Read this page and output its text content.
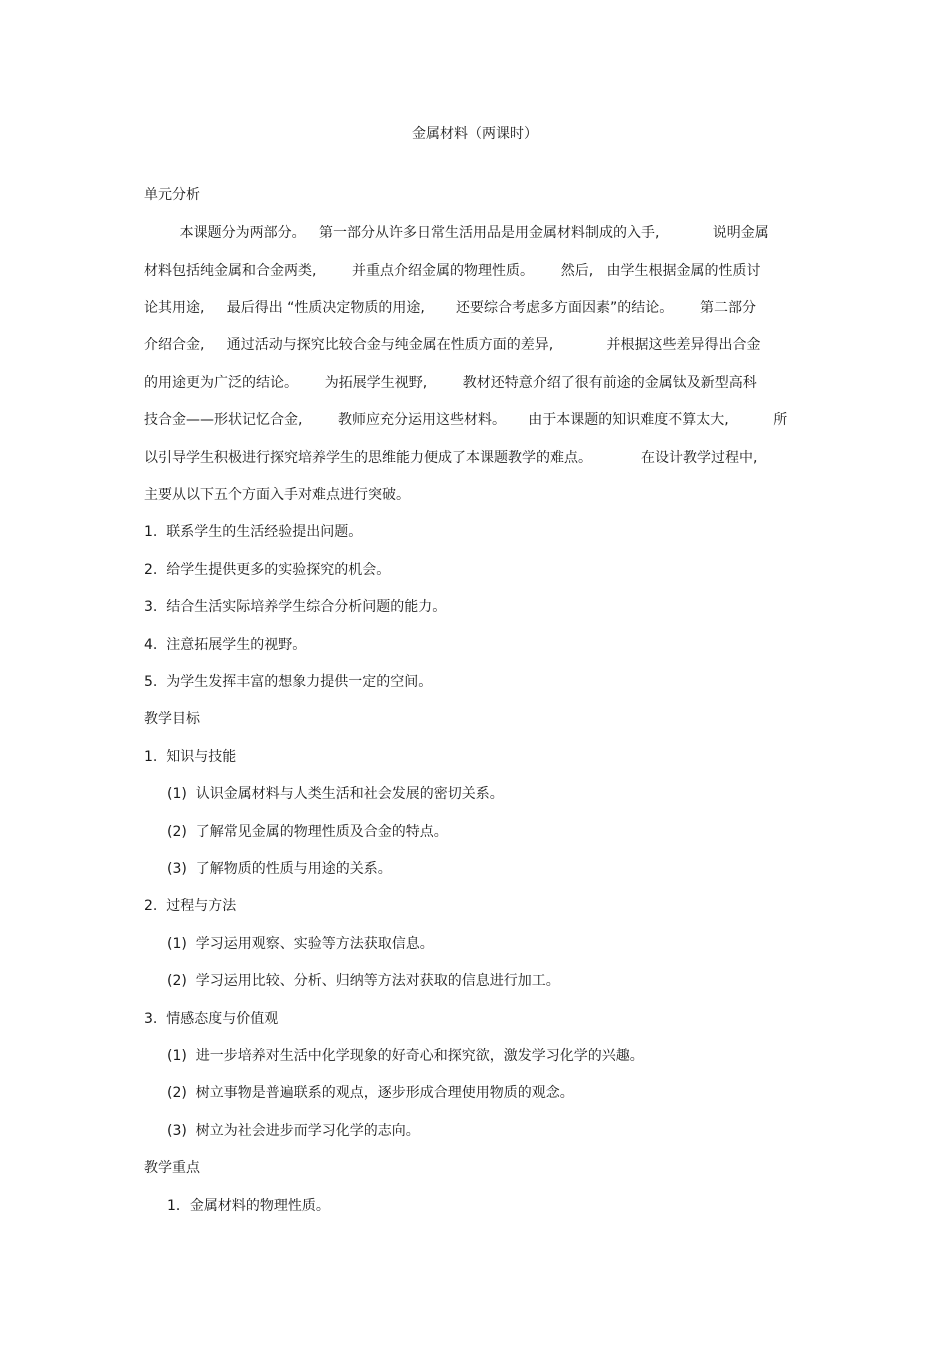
金属材料（两课时）
单元分析
本课题分为两部分。   第一部分从许多日常生活用品是用金属材料制成的入手,            说明金属
材料包括纯金属和合金两类,        并重点介绍金属的物理性质。      然后,   由学生根据金属的性质讨
论其用途,     最后得出 “性质决定物质的用途,       还要综合考虑多方面因素”的结论。      第二部分
介绍合金,     通过活动与探究比较合金与纯金属在性质方面的差异,            并根据这些差异得出合金
的用途更为广泛的结论。      为拓展学生视野,        教材还特意介绍了很有前途的金属钛及新型高科
技合金——形状记忆合金,        教师应充分运用这些材料。     由于本课题的知识难度不算太大,          所
以引导学生积极进行探究培养学生的思维能力便成了本课题教学的难点。           在设计教学过程中,
主要从以下五个方面入手对难点进行突破。
1.  联系学生的生活经验提出问题。
2.  给学生提供更多的实验探究的机会。
3.  结合生活实际培养学生综合分析问题的能力。
4.  注意拓展学生的视野。
5.  为学生发挥丰富的想象力提供一定的空间。
教学目标
1.  知识与技能
(1)  认识金属材料与人类生活和社会发展的密切关系。
(2)  了解常见金属的物理性质及合金的特点。
(3)  了解物质的性质与用途的关系。
2.  过程与方法
(1)  学习运用观察、实验等方法获取信息。
(2)  学习运用比较、分析、归纳等方法对获取的信息进行加工。
3.  情感态度与价值观
(1)  进一步培养对生活中化学现象的好奇心和探究欲，激发学习化学的兴趣。
(2)  树立事物是普遍联系的观点，逐步形成合理使用物质的观念。
(3)  树立为社会进步而学习化学的志向。
教学重点
1．金属材料的物理性质。
